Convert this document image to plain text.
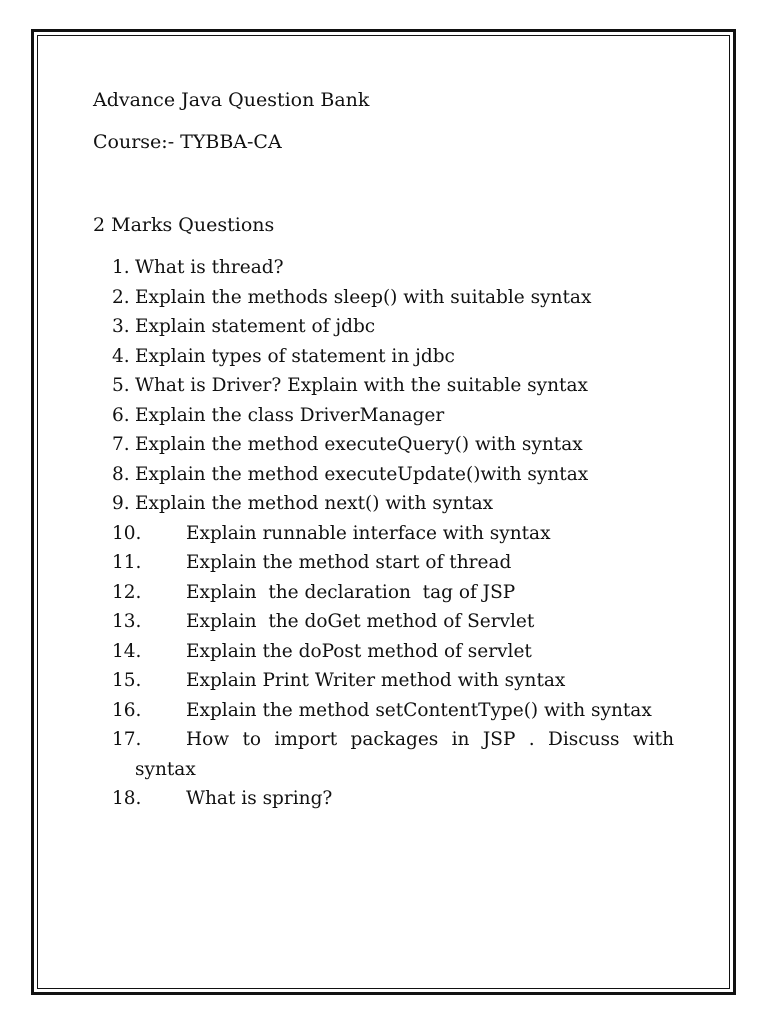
Advance Java Question Bank
Course:- TYBBA-CA
2 Marks Questions
1. What is thread?
2. Explain the methods sleep() with suitable syntax
3. Explain statement of jdbc
4. Explain types of statement in jdbc
5. What is Driver? Explain with the suitable syntax
6. Explain the class DriverManager
7. Explain the method executeQuery() with syntax
8. Explain the method executeUpdate()with syntax
9. Explain the method next() with syntax
10. Explain runnable interface with syntax
11. Explain the method start of thread
12. Explain  the declaration  tag of JSP
13. Explain  the doGet method of Servlet
14. Explain the doPost method of servlet
15. Explain Print Writer method with syntax
16. Explain the method setContentType() with syntax
17. How to import packages in JSP . Discuss with syntax
18. What is spring?
